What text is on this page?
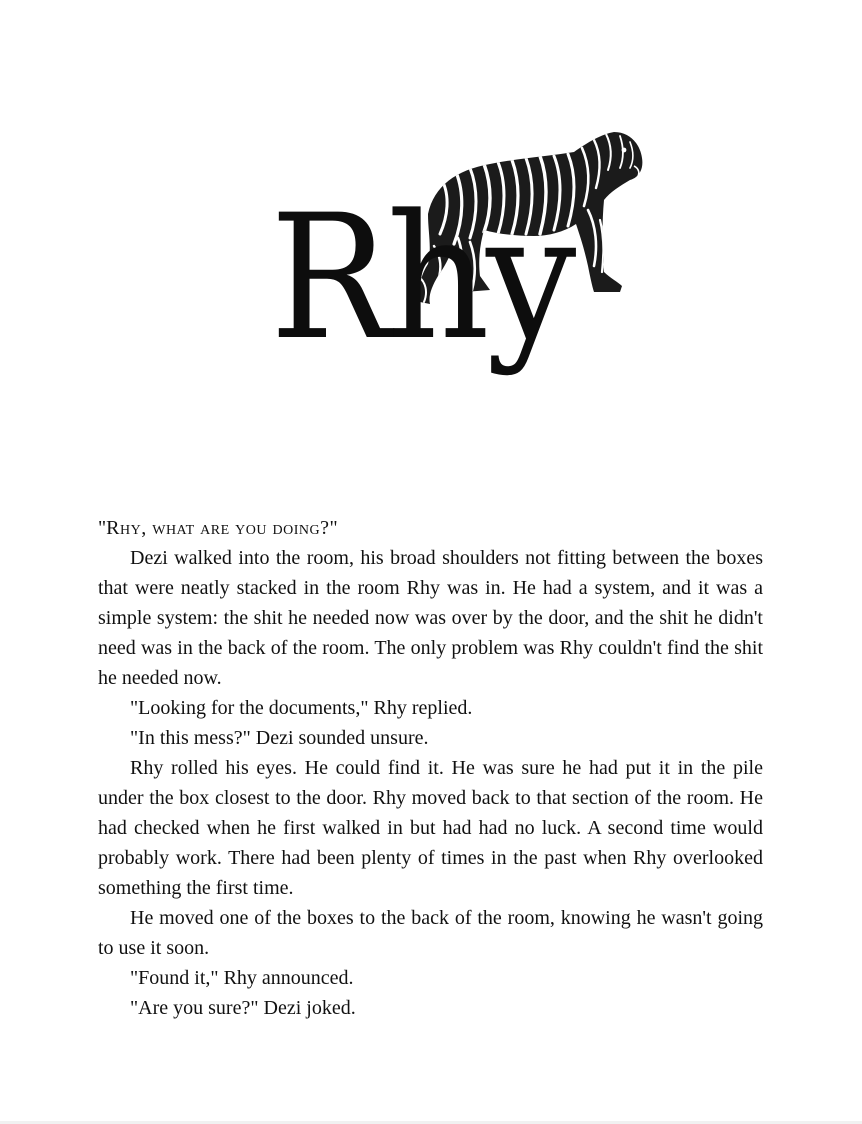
Rhy

"Rhy, what are you doing?"

Dezi walked into the room, his broad shoulders not fitting between the boxes that were neatly stacked in the room Rhy was in. He had a system, and it was a simple system: the shit he needed now was over by the door, and the shit he didn't need was in the back of the room. The only problem was Rhy couldn't find the shit he needed now.

"Looking for the documents," Rhy replied.

"In this mess?" Dezi sounded unsure.

Rhy rolled his eyes. He could find it. He was sure he had put it in the pile under the box closest to the door. Rhy moved back to that section of the room. He had checked when he first walked in but had had no luck. A second time would probably work. There had been plenty of times in the past when Rhy overlooked something the first time.

He moved one of the boxes to the back of the room, knowing he wasn't going to use it soon.

"Found it," Rhy announced.

"Are you sure?" Dezi joked.
